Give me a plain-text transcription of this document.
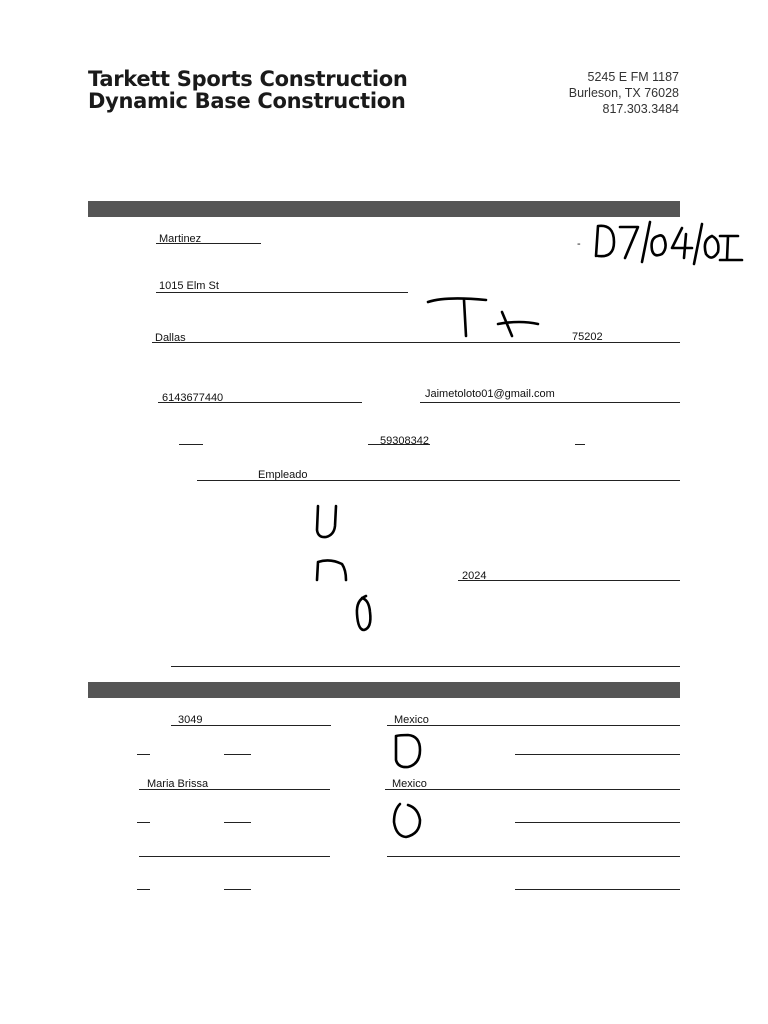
Tarkett Sports Construction
Dynamic Base Construction
5245 E FM 1187
Burleson, TX 76028
817.303.3484
Martinez	-
1015 Elm St
Dallas	75202
6143677440	Jaimetoloto01@gmail.com
59308342
Empleado
2024
3049	Mexico
Maria Brissa	Mexico
